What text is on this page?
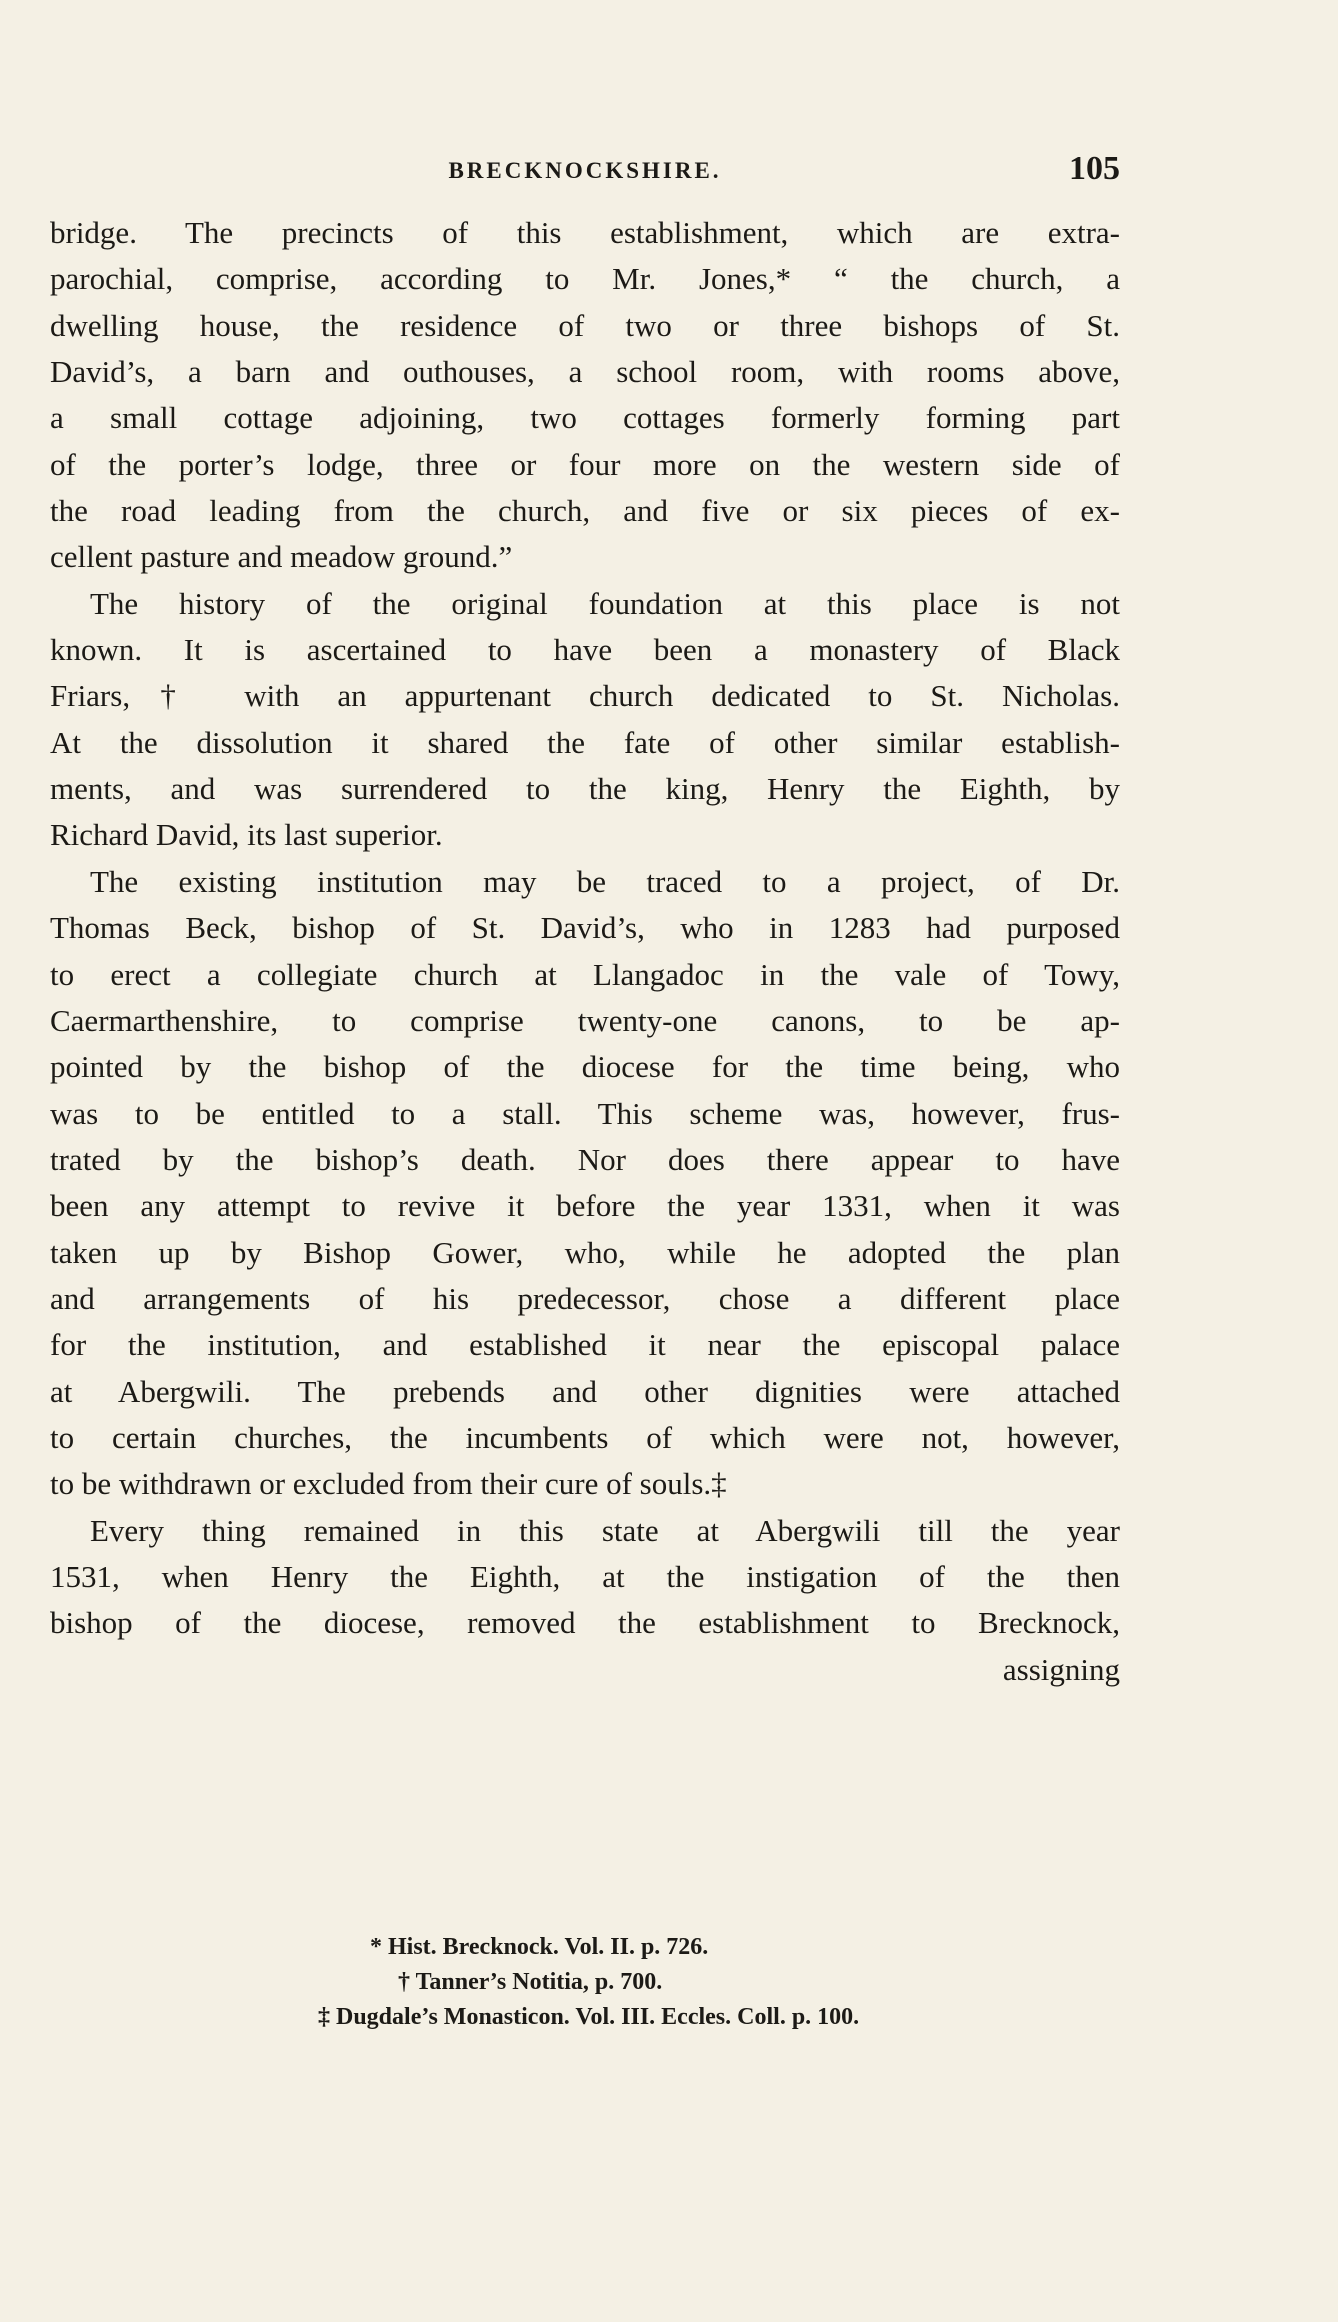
BRECKNOCKSHIRE.	105
bridge. The precincts of this establishment, which are extra-
parochial, comprise, according to Mr. Jones,* “ the church, a
dwelling house, the residence of two or three bishops of St.
David’s, a barn and outhouses, a school room, with rooms above,
a small cottage adjoining, two cottages formerly forming part
of the porter’s lodge, three or four more on the western side of
the road leading from the church, and five or six pieces of ex-
cellent pasture and meadow ground.”
The history of the original foundation at this place is not
known. It is ascertained to have been a monastery of Black
Friars,† with an appurtenant church dedicated to St. Nicholas.
At the dissolution it shared the fate of other similar establish-
ments, and was surrendered to the king, Henry the Eighth, by
Richard David, its last superior.
The existing institution may be traced to a project, of Dr.
Thomas Beck, bishop of St. David’s, who in 1283 had purposed
to erect a collegiate church at Llangadoc in the vale of Towy,
Caermarthenshire, to comprise twenty-one canons, to be ap-
pointed by the bishop of the diocese for the time being, who
was to be entitled to a stall. This scheme was, however, frus-
trated by the bishop’s death. Nor does there appear to have
been any attempt to revive it before the year 1331, when it was
taken up by Bishop Gower, who, while he adopted the plan
and arrangements of his predecessor, chose a different place
for the institution, and established it near the episcopal palace
at Abergwili. The prebends and other dignities were attached
to certain churches, the incumbents of which were not, however,
to be withdrawn or excluded from their cure of souls.‡
Every thing remained in this state at Abergwili till the year
1531, when Henry the Eighth, at the instigation of the then
bishop of the diocese, removed the establishment to Brecknock,
assigning
* Hist. Brecknock. Vol. II. p. 726.
† Tanner’s Notitia, p. 700.
‡ Dugdale’s Monasticon. Vol. III. Eccles. Coll. p. 100.
